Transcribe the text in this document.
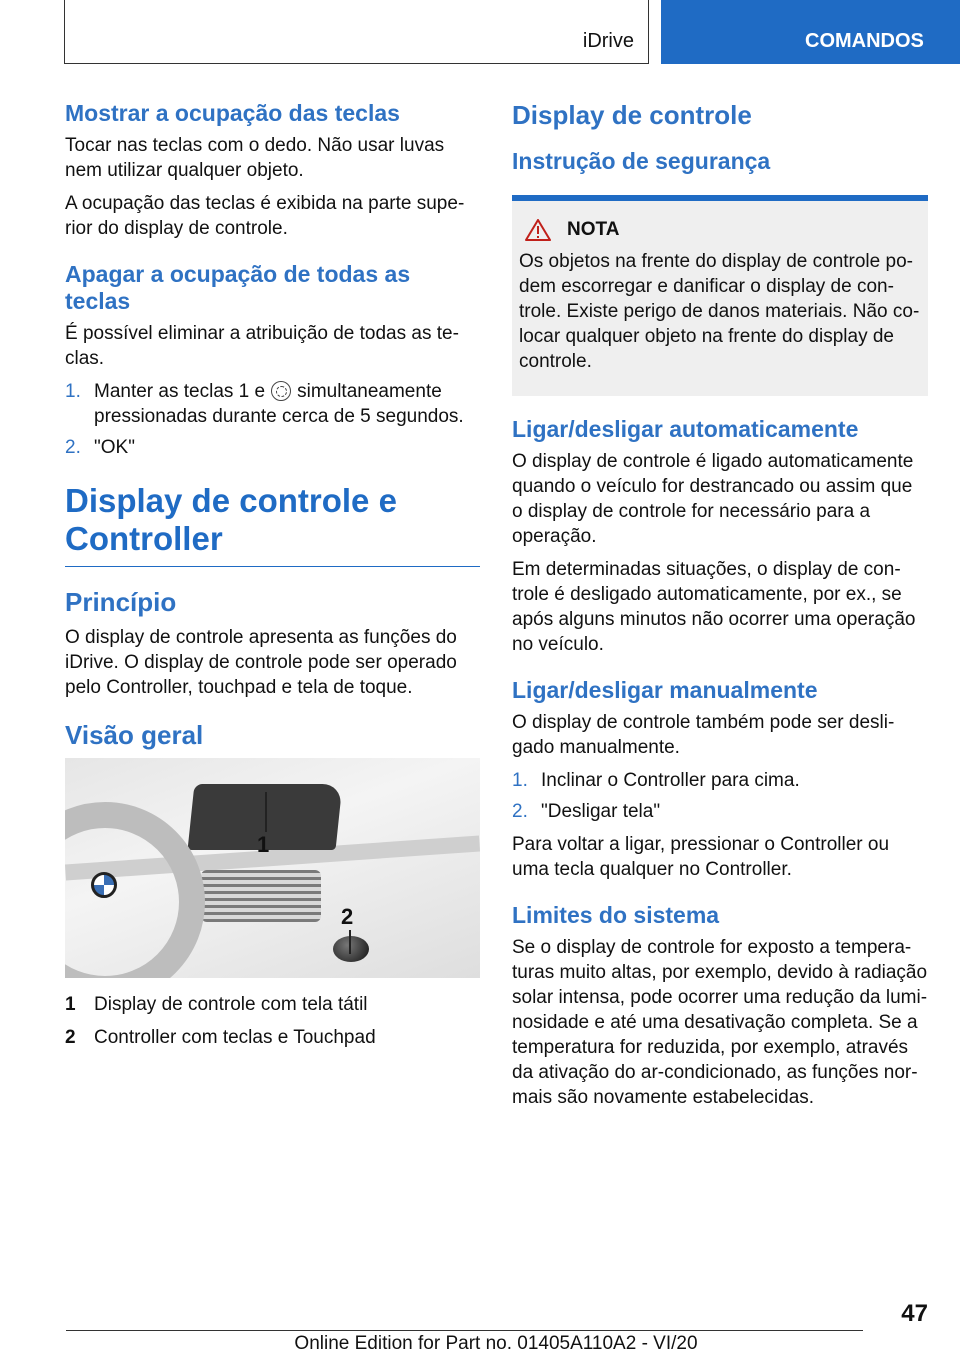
iDrive	COMANDOS
Mostrar a ocupação das teclas

Tocar nas teclas com o dedo. Não usar luvas nem utilizar qualquer objeto.

A ocupação das teclas é exibida na parte superior do display de controle.

Apagar a ocupação de todas as teclas

É possível eliminar a atribuição de todas as teclas.

1. Manter as teclas 1 e simultaneamente pressionadas durante cerca de 5 segundos.
2. "OK"
Display de controle e Controller
Princípio

O display de controle apresenta as funções do iDrive. O display de controle pode ser operado pelo Controller, touchpad e tela de toque.

Visão geral
1
2
1 Display de controle com tela tátil
2 Controller com teclas e Touchpad
Display de controle
Instrução de segurança
NOTA

Os objetos na frente do display de controle podem escorregar e danificar o display de controle. Existe perigo de danos materiais. Não colocar qualquer objeto na frente do display de controle.

Ligar/desligar automaticamente

O display de controle é ligado automaticamente quando o veículo for destrancado ou assim que o display de controle for necessário para a operação.

Em determinadas situações, o display de controle é desligado automaticamente, por ex., se após alguns minutos não ocorrer uma operação no veículo.

Ligar/desligar manualmente

O display de controle também pode ser desligado manualmente.

1. Inclinar o Controller para cima.
2. "Desligar tela"

Para voltar a ligar, pressionar o Controller ou uma tecla qualquer no Controller.

Limites do sistema

Se o display de controle for exposto a temperaturas muito altas, por exemplo, devido à radiação solar intensa, pode ocorrer uma redução da luminosidade e até uma desativação completa. Se a temperatura for reduzida, por exemplo, através da ativação do ar-condicionado, as funções normais são novamente estabelecidas.

47
Online Edition for Part no. 01405A110A2 - VI/20
